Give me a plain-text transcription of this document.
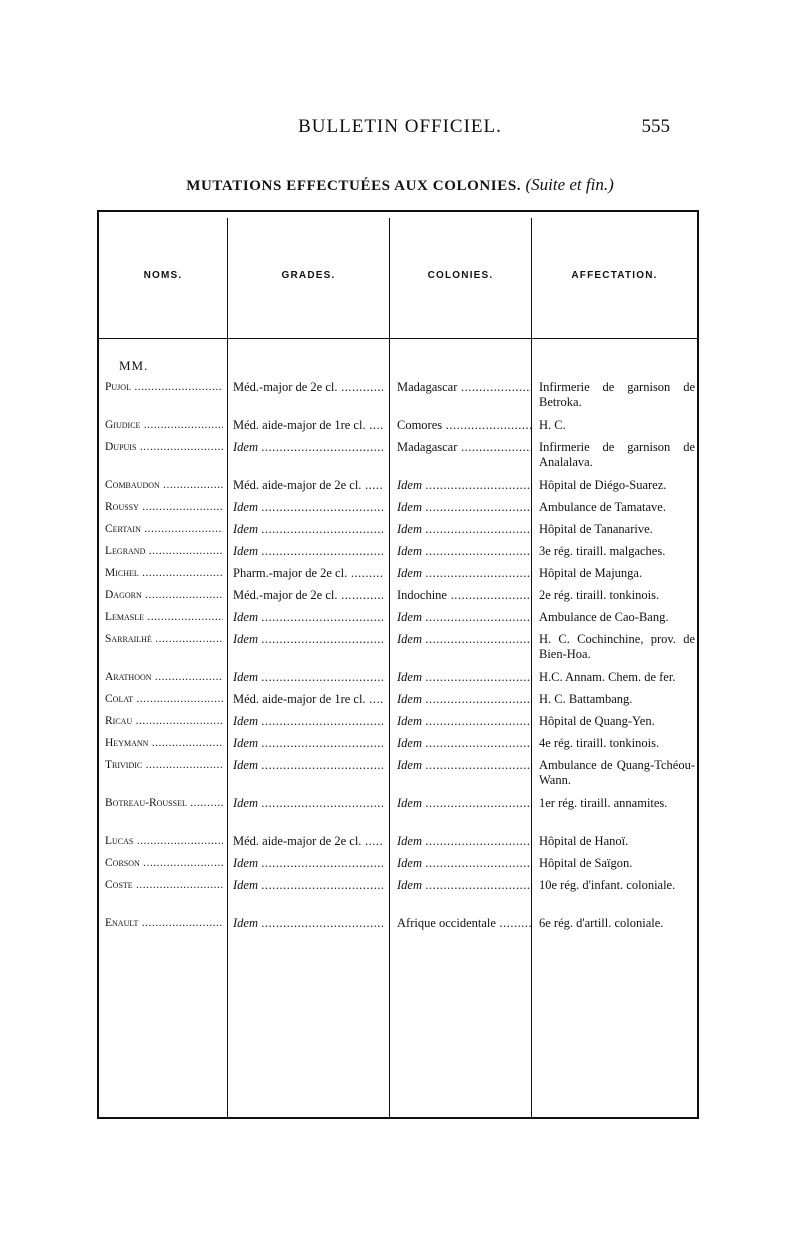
BULLETIN OFFICIEL.	555
MUTATIONS EFFECTUÉES AUX COLONIES. (Suite et fin.)
NOMS.	GRADES.	COLONIES.	AFFECTATION.
MM.
Pujol .....	Méd.-major de 2e cl. .....	Madagascar .....	Infirmerie de garnison de Betroka.
Giudice .....	Méd. aide-major de 1re cl. .....	Comores .....	H. C.
Dupuis .....	Idem .....	Madagascar .....	Infirmerie de garnison de Analalava.
Combaudon .....	Méd. aide-major de 2e cl. .....	Idem .....	Hôpital de Diégo-Suarez.
Roussy .....	Idem .....	Idem .....	Ambulance de Tamatave.
Certain .....	Idem .....	Idem .....	Hôpital de Tananarive.
Legrand .....	Idem .....	Idem .....	3e rég. tiraill. malgaches.
Michel .....	Pharm.-major de 2e cl. .....	Idem .....	Hôpital de Majunga.
Dagorn .....	Méd.-major de 2e cl. .....	Indochine .....	2e rég. tiraill. tonkinois.
Lemasle .....	Idem .....	Idem .....	Ambulance de Cao-Bang.
Sarrailhé .....	Idem .....	Idem .....	H. C. Cochinchine, prov. de Bien-Hoa.
Arathoon .....	Idem .....	Idem .....	H.C. Annam. Chem. de fer.
Colat .....	Méd. aide-major de 1re cl. .....	Idem .....	H. C. Battambang.
Ricau .....	Idem .....	Idem .....	Hôpital de Quang-Yen.
Heymann .....	Idem .....	Idem .....	4e rég. tiraill. tonkinois.
Trividic .....	Idem .....	Idem .....	Ambulance de Quang-Tchéou-Wann.
Botreau-Roussel .....	Idem .....	Idem .....	1er rég. tiraill. annamites.
Lucas .....	Méd. aide-major de 2e cl. .....	Idem .....	Hôpital de Hanoï.
Corson .....	Idem .....	Idem .....	Hôpital de Saïgon.
Coste .....	Idem .....	Idem .....	10e rég. d'infant. coloniale.
Enault .....	Idem .....	Afrique occidentale .....	6e rég. d'artill. coloniale.
